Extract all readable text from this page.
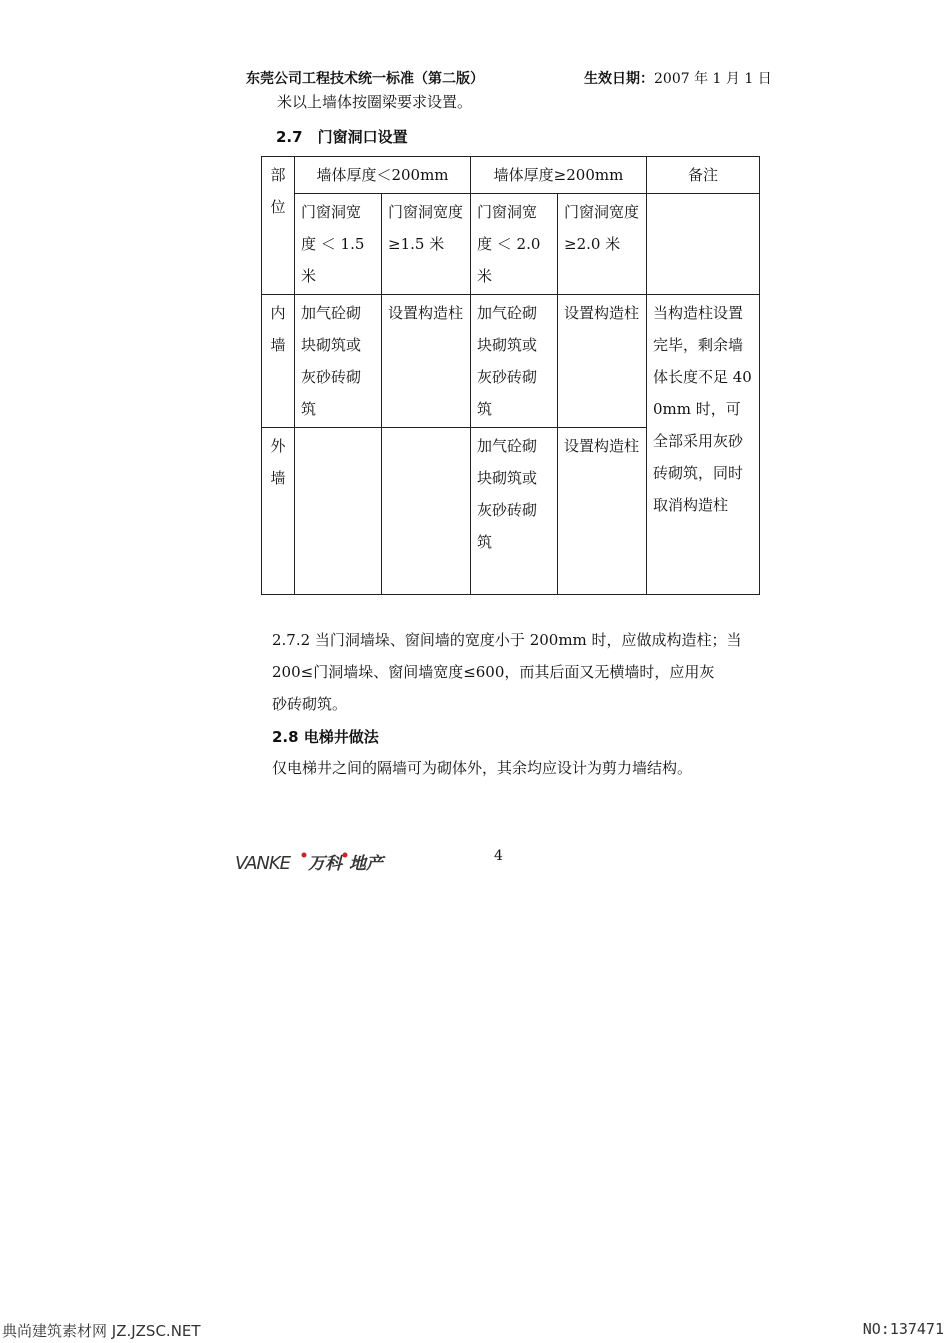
东莞公司工程技术统一标准（第二版）	生效日期：2007 年 1 月 1 日
米以上墙体按圈梁要求设置。
2.7　门窗洞口设置
部位	墙体厚度＜200mm		墙体厚度≥200mm		备注
	门窗洞宽度 ＜ 1.5 米	门窗洞宽度　≥1.5 米	门窗洞宽度 ＜ 2.0 米	门窗洞宽度　≥2.0 米	
内墙	加气砼砌块砌筑或灰砂砖砌筑	设置构造柱	加气砼砌块砌筑或灰砂砖砌筑	设置构造柱	当构造柱设置完毕，剩余墙体长度不足 400mm 时，可全部采用灰砂砖砌筑，同时取消构造柱
外墙			加气砼砌块砌筑或灰砂砖砌筑	设置构造柱	
2.7.2 当门洞墙垛、窗间墙的宽度小于 200mm 时，应做成构造柱；当
200≤门洞墙垛、窗间墙宽度≤600，而其后面又无横墙时，应用灰
砂砖砌筑。
2.8 电梯井做法
仅电梯井之间的隔墙可为砌体外，其余均应设计为剪力墙结构。
VANKE 万科 地产	4
典尚建筑素材网 JZ.JZSC.NET	NO:137471
